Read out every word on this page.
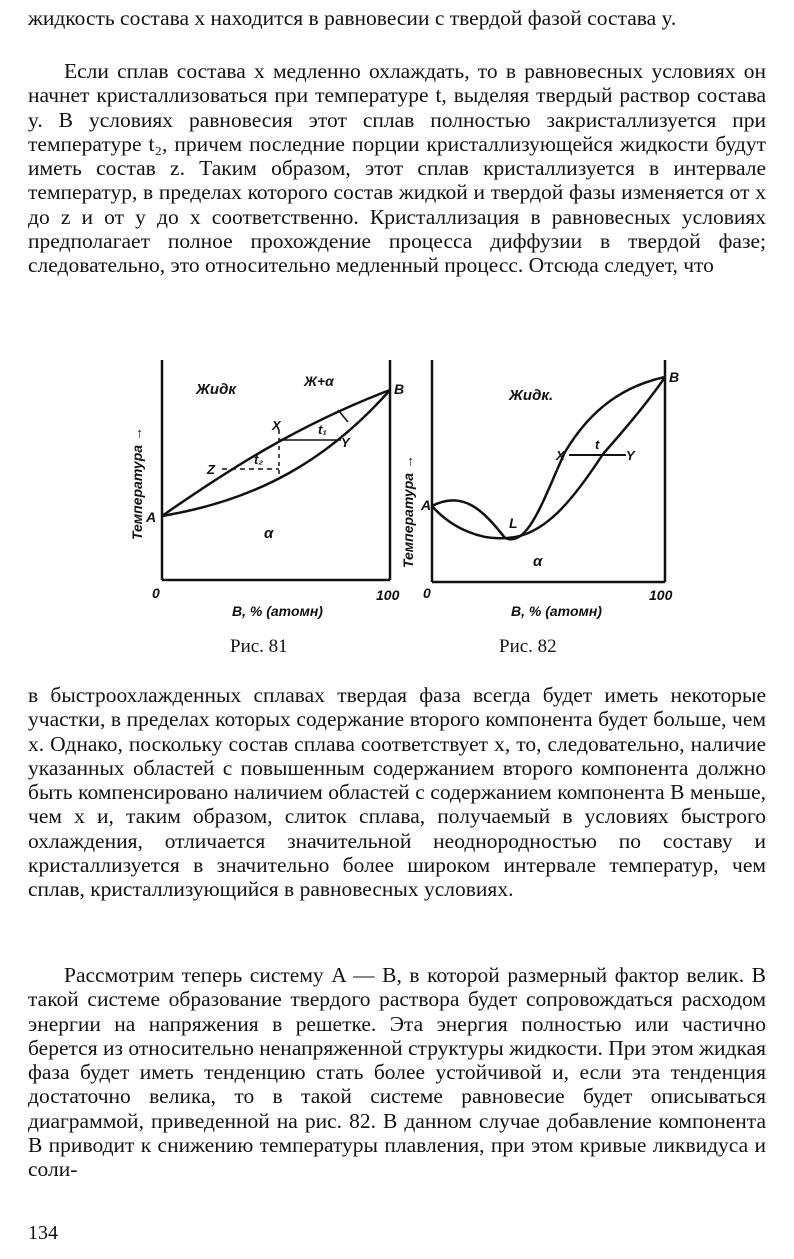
жидкость состава x находится в равновесии с твердой фазой состава y.

Если сплав состава x медленно охлаждать, то в равновесных условиях он начнет кристаллизоваться при температуре t, выделяя твердый раствор состава y. В условиях равновесия этот сплав полностью закристаллизуется при температуре t₂, причем последние порции кристаллизующейся жидкости будут иметь состав z. Таким образом, этот сплав кристаллизуется в интервале температур, в пределах которого состав жидкой и твердой фазы изменяется от x до z и от y до x соответственно. Кристаллизация в равновесных условиях предполагает полное прохождение процесса диффузии в твердой фазе; следовательно, это относительно медленный процесс. Отсюда следует, что

Жидк	Ж+α	B
A
X
Y
Z
t₁
t₂
α
0	100
B, % (атомн)
Температура →
Жидк.
B
A
L
X	Y
t
α
0	100
B, % (атомн)
Температура →
Рис. 81	Рис. 82

в быстроохлажденных сплавах твердая фаза всегда будет иметь некоторые участки, в пределах которых содержание второго компонента будет больше, чем x. Однако, поскольку состав сплава соответствует x, то, следовательно, наличие указанных областей с повышенным содержанием второго компонента должно быть компенсировано наличием областей с содержанием компонента B меньше, чем x и, таким образом, слиток сплава, получаемый в условиях быстрого охлаждения, отличается значительной неоднородностью по составу и кристаллизуется в значительно более широком интервале температур, чем сплав, кристаллизующийся в равновесных условиях.

Рассмотрим теперь систему A — B, в которой размерный фактор велик. В такой системе образование твердого раствора будет сопровождаться расходом энергии на напряжения в решетке. Эта энергия полностью или частично берется из относительно ненапряженной структуры жидкости. При этом жидкая фаза будет иметь тенденцию стать более устойчивой и, если эта тенденция достаточно велика, то в такой системе равновесие будет описываться диаграммой, приведенной на рис. 82. В данном случае добавление компонента B приводит к снижению температуры плавления, при этом кривые ликвидуса и соли-

134
